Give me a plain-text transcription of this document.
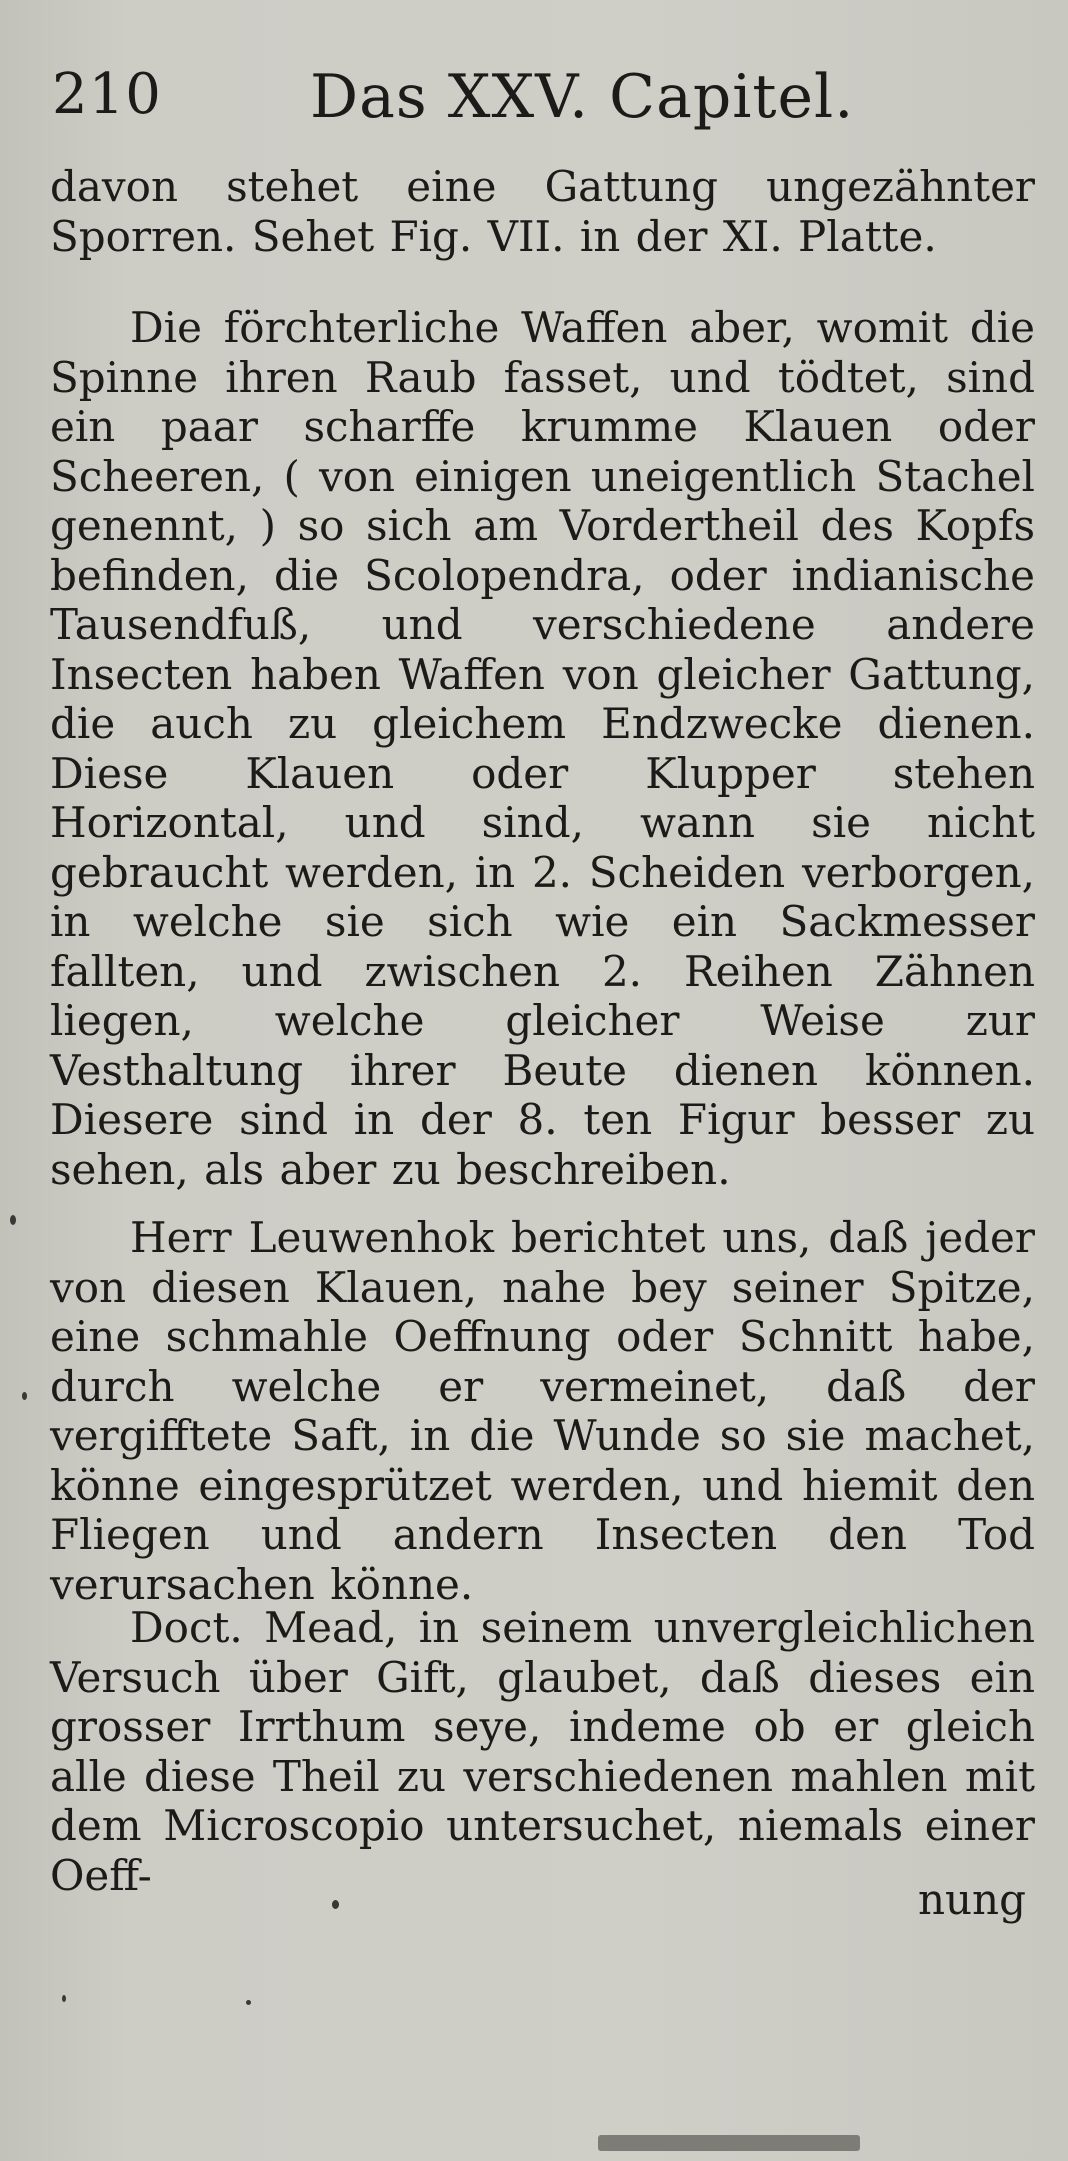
210 Das XXV. Capitel.

davon stehet eine Gattung ungezähnter Sporren. Sehet Fig. VII. in der XI. Platte.

Die förchterliche Waffen aber, womit die Spinne ihren Raub fasset, und tödtet, sind ein paar scharffe krumme Klauen oder Scheeren, ( von einigen uneigentlich Stachel genennt, ) so sich am Vordertheil des Kopfs befinden, die Scolopendra, oder indianische Tausendfuß, und verschiedene andere Insecten haben Waffen von gleicher Gattung, die auch zu gleichem Endzwecke dienen. Diese Klauen oder Klupper stehen Horizontal, und sind, wann sie nicht gebraucht werden, in 2. Scheiden verborgen, in welche sie sich wie ein Sackmesser fallten, und zwischen 2. Reihen Zähnen liegen, welche gleicher Weise zur Vesthaltung ihrer Beute dienen können. Diesere sind in der 8. ten Figur besser zu sehen, als aber zu beschreiben.

Herr Leuwenhok berichtet uns, daß jeder von diesen Klauen, nahe bey seiner Spitze, eine schmahle Oeffnung oder Schnitt habe, durch welche er vermeinet, daß der vergifftete Saft, in die Wunde so sie machet, könne eingesprützet werden, und hiemit den Fliegen und andern Insecten den Tod verursachen könne.

Doct. Mead, in seinem unvergleichlichen Versuch über Gift, glaubet, daß dieses ein grosser Irrthum seye, indeme ob er gleich alle diese Theil zu verschiedenen mahlen mit dem Microscopio untersuchet, niemals einer Oeff-	nung
